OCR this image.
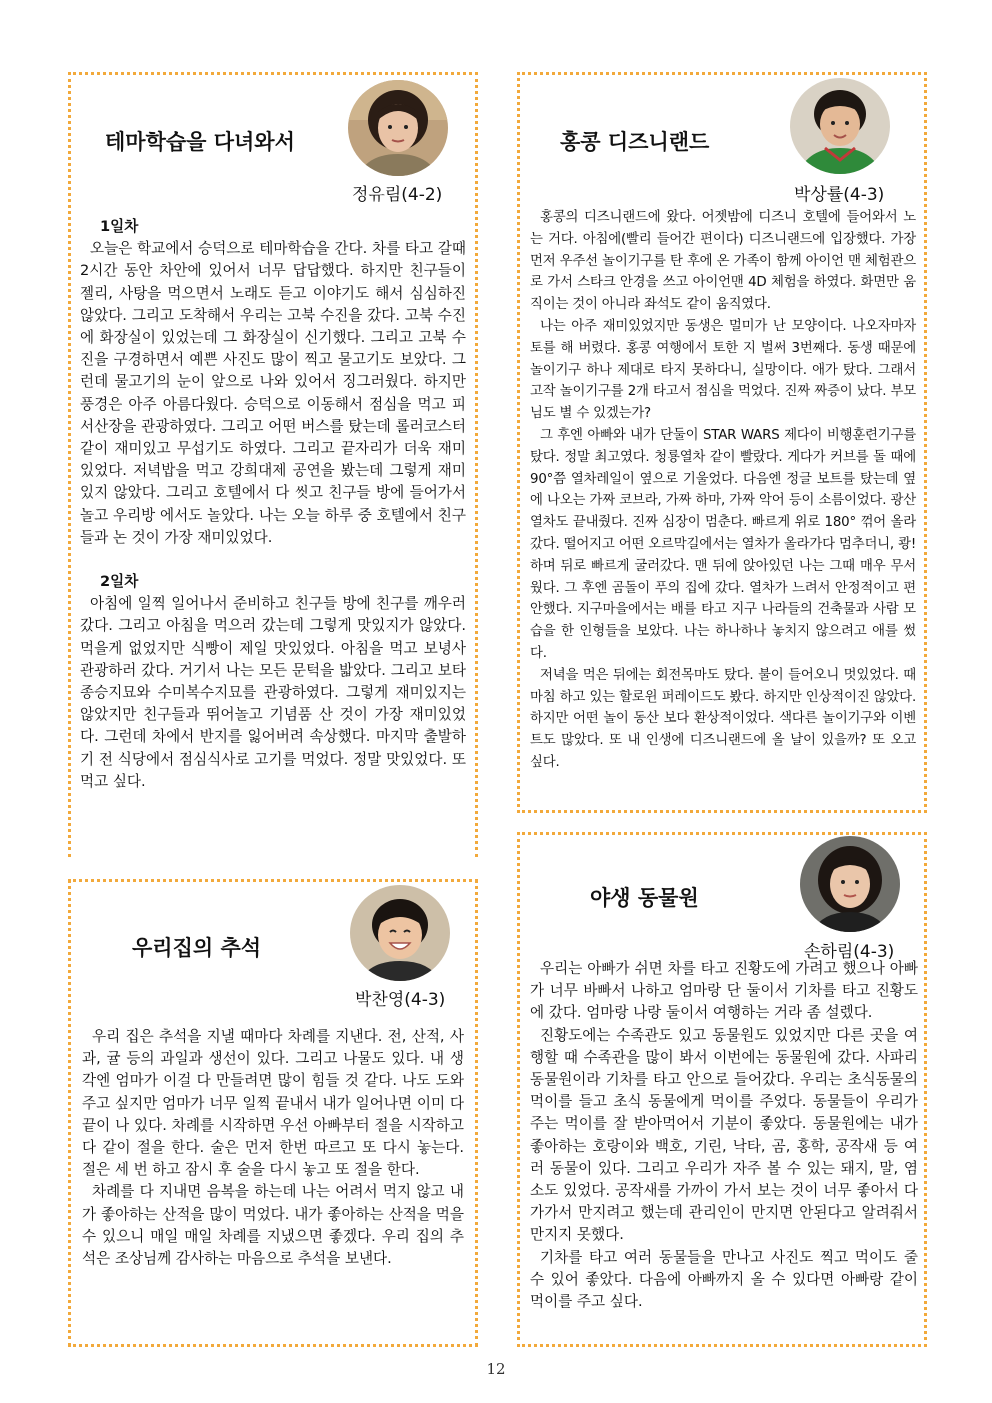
테마학습을 다녀와서
정유림(4-2)

1일차

오늘은 학교에서 승덕으로 테마학습을 간다. 차를 타고 갈때 2시간 동안 차안에 있어서 너무 답답했다. 하지만 친구들이 젤리, 사탕을 먹으면서 노래도 듣고 이야기도 해서 심심하진 않았다. 그리고 도착해서 우리는 고북 수진을 갔다. 고북 수진에 화장실이 있었는데 그 화장실이 신기했다. 그리고 고북 수진을 구경하면서 예쁜 사진도 많이 찍고 물고기도 보았다. 그런데 물고기의 눈이 앞으로 나와 있어서 징그러웠다. 하지만 풍경은 아주 아름다웠다. 승덕으로 이동해서 점심을 먹고 피서산장을 관광하였다. 그리고 어떤 버스를 탔는데 롤러코스터 같이 재미있고 무섭기도 하였다. 그리고 끝자리가 더욱 재미있었다. 저녁밥을 먹고 강희대제 공연을 봤는데 그렇게 재미있지 않았다. 그리고 호텔에서 다 씻고 친구들 방에 들어가서 놀고 우리방 에서도 놀았다. 나는 오늘 하루 중 호텔에서 친구들과 논 것이 가장 재미있었다.

2일차

아침에 일찍 일어나서 준비하고 친구들 방에 친구를 깨우러 갔다. 그리고 아침을 먹으러 갔는데 그렇게 맛있지가 않았다. 먹을게 없었지만 식빵이 제일 맛있었다. 아침을 먹고 보녕사 관광하러 갔다. 거기서 나는 모든 문턱을 밟았다. 그리고 보타종승지묘와 수미복수지묘를 관광하였다. 그렇게 재미있지는 않았지만 친구들과 뛰어놀고 기념품 산 것이 가장 재미있었다. 그런데 차에서 반지를 잃어버려 속상했다. 마지막 출발하기 전 식당에서 점심식사로 고기를 먹었다. 정말 맛있었다. 또 먹고 싶다.

홍콩 디즈니랜드
박상률(4-3)

홍콩의 디즈니랜드에 왔다. 어젯밤에 디즈니 호텔에 들어와서 노는 거다. 아침에(빨리 들어간 편이다) 디즈니랜드에 입장했다. 가장 먼저 우주선 놀이기구를 탄 후에 온 가족이 함께 아이언 맨 체험관으로 가서 스타크 안경을 쓰고 아이언맨 4D 체험을 하였다. 화면만 움직이는 것이 아니라 좌석도 같이 움직였다.

나는 아주 재미있었지만 동생은 멀미가 난 모양이다. 나오자마자 토를 해 버렸다. 홍콩 여행에서 토한 지 벌써 3번째다. 동생 때문에 놀이기구 하나 제대로 타지 못하다니, 실망이다. 애가 탔다. 그래서 고작 놀이기구를 2개 타고서 점심을 먹었다. 진짜 짜증이 났다. 부모님도 별 수 있겠는가?

그 후엔 아빠와 내가 단둘이 STAR WARS 제다이 비행훈련기구를 탔다. 정말 최고였다. 청룡열차 같이 빨랐다. 게다가 커브를 돌 때에 90°쯤 열차레일이 옆으로 기울었다. 다음엔 정글 보트를 탔는데 옆에 나오는 가짜 코브라, 가짜 하마, 가짜 악어 등이 소름이었다. 광산 열차도 끝내줬다. 진짜 심장이 멈춘다. 빠르게 위로 180° 꺾어 올라갔다. 떨어지고 어떤 오르막길에서는 열차가 올라가다 멈추더니, 쾅! 하며 뒤로 빠르게 굴러갔다. 맨 뒤에 앉아있던 나는 그때 매우 무서웠다. 그 후엔 곰돌이 푸의 집에 갔다. 열차가 느려서 안정적이고 편안했다. 지구마을에서는 배를 타고 지구 나라들의 건축물과 사람 모습을 한 인형들을 보았다. 나는 하나하나 놓치지 않으려고 애를 썼다.

저녁을 먹은 뒤에는 회전목마도 탔다. 불이 들어오니 멋있었다. 때마침 하고 있는 할로윈 퍼레이드도 봤다. 하지만 인상적이진 않았다. 하지만 어떤 놀이 동산 보다 환상적이었다. 색다른 놀이기구와 이벤트도 많았다. 또 내 인생에 디즈니랜드에 올 날이 있을까? 또 오고 싶다.

우리집의 추석
박찬영(4-3)

우리 집은 추석을 지낼 때마다 차례를 지낸다. 전, 산적, 사과, 귤 등의 과일과 생선이 있다. 그리고 나물도 있다. 내 생각엔 엄마가 이걸 다 만들려면 많이 힘들 것 같다. 나도 도와주고 싶지만 엄마가 너무 일찍 끝내서 내가 일어나면 이미 다 끝이 나 있다. 차례를 시작하면 우선 아빠부터 절을 시작하고 다 같이 절을 한다. 술은 먼저 한번 따르고 또 다시 놓는다. 절은 세 번 하고 잠시 후 술을 다시 놓고 또 절을 한다.

차례를 다 지내면 음복을 하는데 나는 어려서 먹지 않고 내가 좋아하는 산적을 많이 먹었다. 내가 좋아하는 산적을 먹을 수 있으니 매일 매일 차례를 지냈으면 좋겠다. 우리 집의 추석은 조상님께 감사하는 마음으로 추석을 보낸다.

야생 동물원
손하림(4-3)

우리는 아빠가 쉬면 차를 타고 진황도에 가려고 했으나 아빠가 너무 바빠서 나하고 엄마랑 단 둘이서 기차를 타고 진황도에 갔다. 엄마랑 나랑 둘이서 여행하는 거라 좀 설렜다.

진황도에는 수족관도 있고 동물원도 있었지만 다른 곳을 여행할 때 수족관을 많이 봐서 이번에는 동물원에 갔다. 사파리 동물원이라 기차를 타고 안으로 들어갔다. 우리는 초식동물의 먹이를 들고 초식 동물에게 먹이를 주었다. 동물들이 우리가 주는 먹이를 잘 받아먹어서 기분이 좋았다. 동물원에는 내가 좋아하는 호랑이와 백호, 기린, 낙타, 곰, 홍학, 공작새 등 여러 동물이 있다. 그리고 우리가 자주 볼 수 있는 돼지, 말, 염소도 있었다. 공작새를 가까이 가서 보는 것이 너무 좋아서 다가가서 만지려고 했는데 관리인이 만지면 안된다고 알려줘서 만지지 못했다.

기차를 타고 여러 동물들을 만나고 사진도 찍고 먹이도 줄 수 있어 좋았다. 다음에 아빠까지 올 수 있다면 아빠랑 같이 먹이를 주고 싶다.

12
